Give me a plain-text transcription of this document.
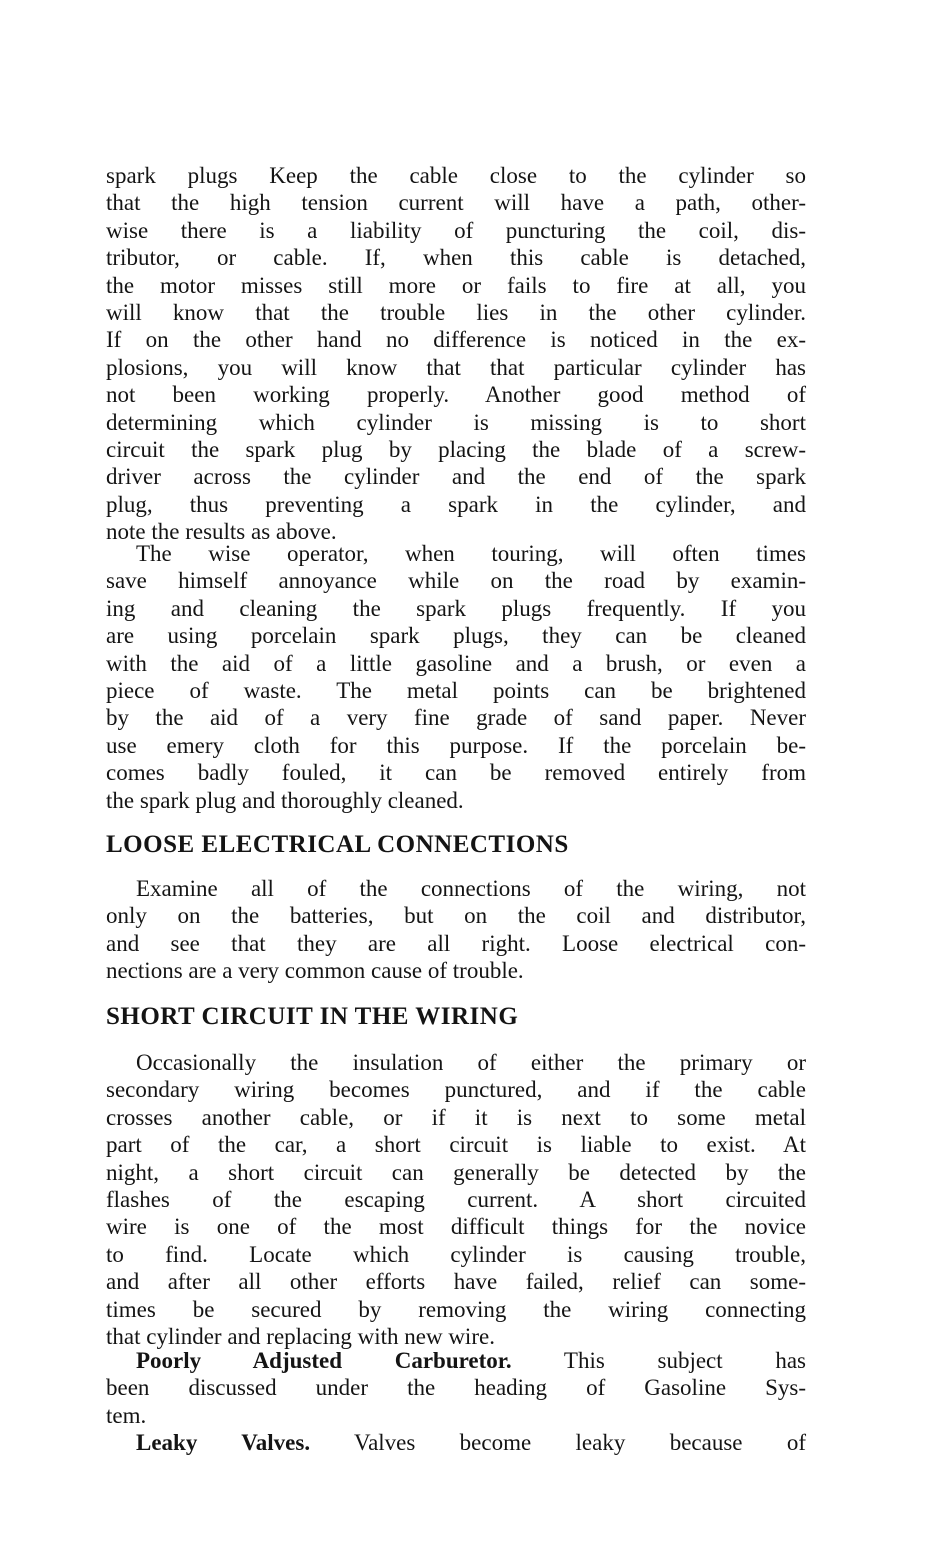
spark plugs Keep the cable close to the cylinder so
that the high tension current will have a path, other-
wise there is a liability of puncturing the coil, dis-
tributor, or cable. If, when this cable is detached,
the motor misses still more or fails to fire at all, you
will know that the trouble lies in the other cylinder.
If on the other hand no difference is noticed in the ex-
plosions, you will know that that particular cylinder has
not been working properly. Another good method of
determining which cylinder is missing is to short
circuit the spark plug by placing the blade of a screw-
driver across the cylinder and the end of the spark
plug, thus preventing a spark in the cylinder, and
note the results as above.
The wise operator, when touring, will often times
save himself annoyance while on the road by examin-
ing and cleaning the spark plugs frequently. If you
are using porcelain spark plugs, they can be cleaned
with the aid of a little gasoline and a brush, or even a
piece of waste. The metal points can be brightened
by the aid of a very fine grade of sand paper. Never
use emery cloth for this purpose. If the porcelain be-
comes badly fouled, it can be removed entirely from
the spark plug and thoroughly cleaned.
LOOSE ELECTRICAL CONNECTIONS
Examine all of the connections of the wiring, not
only on the batteries, but on the coil and distributor,
and see that they are all right. Loose electrical con-
nections are a very common cause of trouble.
SHORT CIRCUIT IN THE WIRING
Occasionally the insulation of either the primary or
secondary wiring becomes punctured, and if the cable
crosses another cable, or if it is next to some metal
part of the car, a short circuit is liable to exist. At
night, a short circuit can generally be detected by the
flashes of the escaping current. A short circuited
wire is one of the most difficult things for the novice
to find. Locate which cylinder is causing trouble,
and after all other efforts have failed, relief can some-
times be secured by removing the wiring connecting
that cylinder and replacing with new wire.
Poorly Adjusted Carburetor. This subject has
been discussed under the heading of Gasoline Sys-
tem.
Leaky Valves. Valves become leaky because of
